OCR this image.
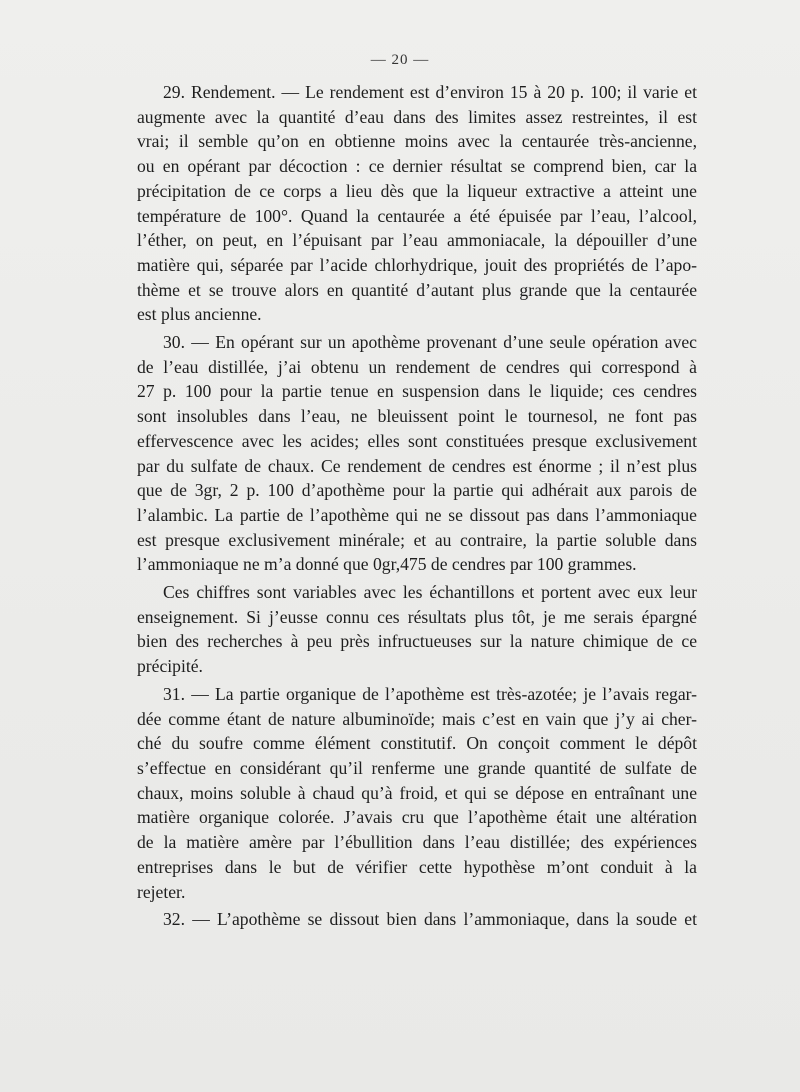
— 20 —
29. Rendement. — Le rendement est d’environ 15 à 20 p. 100; il varie et
augmente avec la quantité d’eau dans des limites assez restreintes, il est
vrai; il semble qu’on en obtienne moins avec la centaurée très-ancienne,
ou en opérant par décoction : ce dernier résultat se comprend bien, car la
précipitation de ce corps a lieu dès que la liqueur extractive a atteint une
température de 100°. Quand la centaurée a été épuisée par l’eau, l’alcool,
l’éther, on peut, en l’épuisant par l’eau ammoniacale, la dépouiller d’une
matière qui, séparée par l’acide chlorhydrique, jouit des propriétés de l’apo-
thème et se trouve alors en quantité d’autant plus grande que la centaurée
est plus ancienne.
30. — En opérant sur un apothème provenant d’une seule opération avec
de l’eau distillée, j’ai obtenu un rendement de cendres qui correspond à
27 p. 100 pour la partie tenue en suspension dans le liquide; ces cendres
sont insolubles dans l’eau, ne bleuissent point le tournesol, ne font pas
effervescence avec les acides; elles sont constituées presque exclusivement
par du sulfate de chaux. Ce rendement de cendres est énorme ; il n’est plus
que de 3gr, 2 p. 100 d’apothème pour la partie qui adhérait aux parois de
l’alambic. La partie de l’apothème qui ne se dissout pas dans l’ammoniaque
est presque exclusivement minérale; et au contraire, la partie soluble dans
l’ammoniaque ne m’a donné que 0gr,475 de cendres par 100 grammes.
Ces chiffres sont variables avec les échantillons et portent avec eux leur
enseignement. Si j’eusse connu ces résultats plus tôt, je me serais épargné
bien des recherches à peu près infructueuses sur la nature chimique de ce
précipité.
31. — La partie organique de l’apothème est très-azotée; je l’avais regar-
dée comme étant de nature albuminoïde; mais c’est en vain que j’y ai cher-
ché du soufre comme élément constitutif. On conçoit comment le dépôt
s’effectue en considérant qu’il renferme une grande quantité de sulfate de
chaux, moins soluble à chaud qu’à froid, et qui se dépose en entraînant une
matière organique colorée. J’avais cru que l’apothème était une altération
de la matière amère par l’ébullition dans l’eau distillée; des expériences
entreprises dans le but de vérifier cette hypothèse m’ont conduit à la
rejeter.
32. — L’apothème se dissout bien dans l’ammoniaque, dans la soude et
